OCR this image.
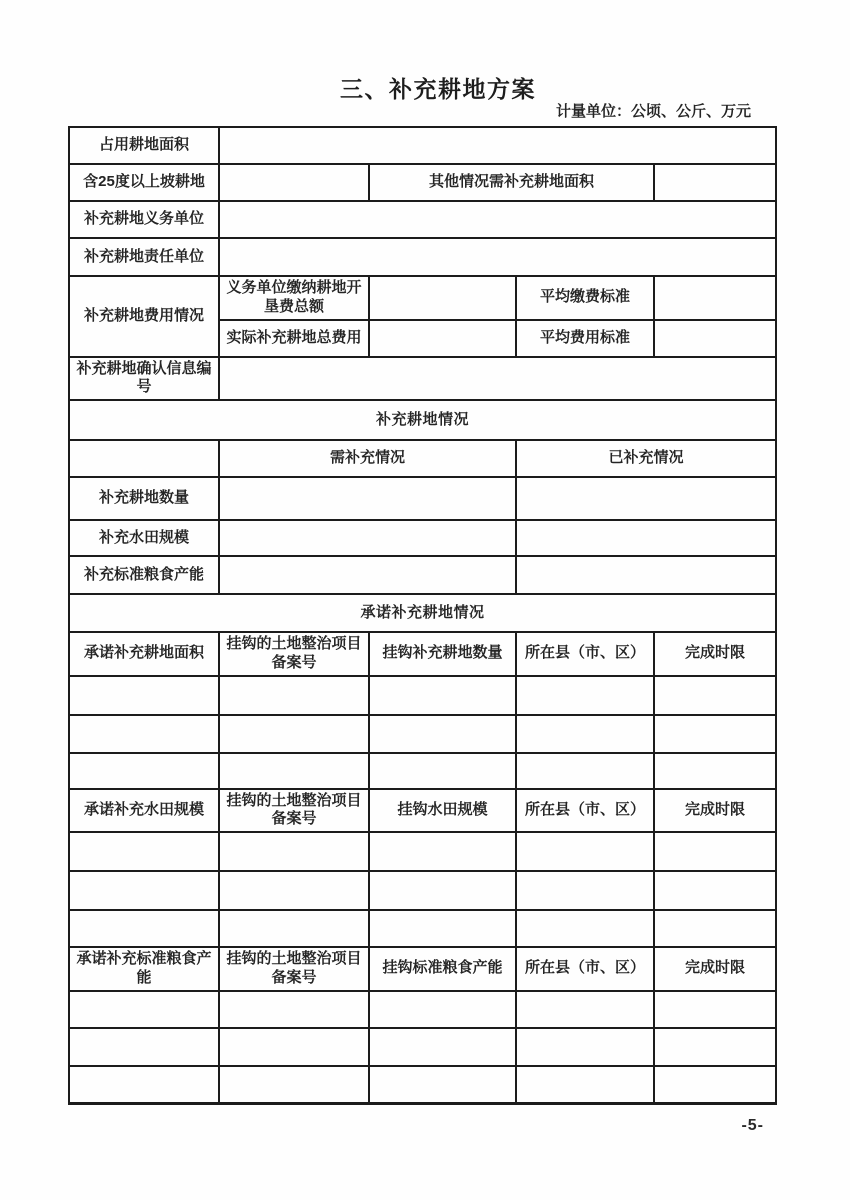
三、补充耕地方案
计量单位：公顷、公斤、万元
占用耕地面积				
含25度以上坡耕地		其他情况需补充耕地面积		
补充耕地义务单位				
补充耕地责任单位				
补充耕地费用情况	义务单位缴纳耕地开垦费总额		平均缴费标准	
	实际补充耕地总费用		平均费用标准	
补充耕地确认信息编号				
补充耕地情况				
	需补充情况		已补充情况	
补充耕地数量				
补充水田规模				
补充标准粮食产能				
承诺补充耕地情况				
承诺补充耕地面积	挂钩的土地整治项目备案号	挂钩补充耕地数量	所在县（市、区）	完成时限

承诺补充水田规模	挂钩的土地整治项目备案号	挂钩水田规模	所在县（市、区）	完成时限

承诺补充标准粮食产能	挂钩的土地整治项目备案号	挂钩标准粮食产能	所在县（市、区）	完成时限

-5-
